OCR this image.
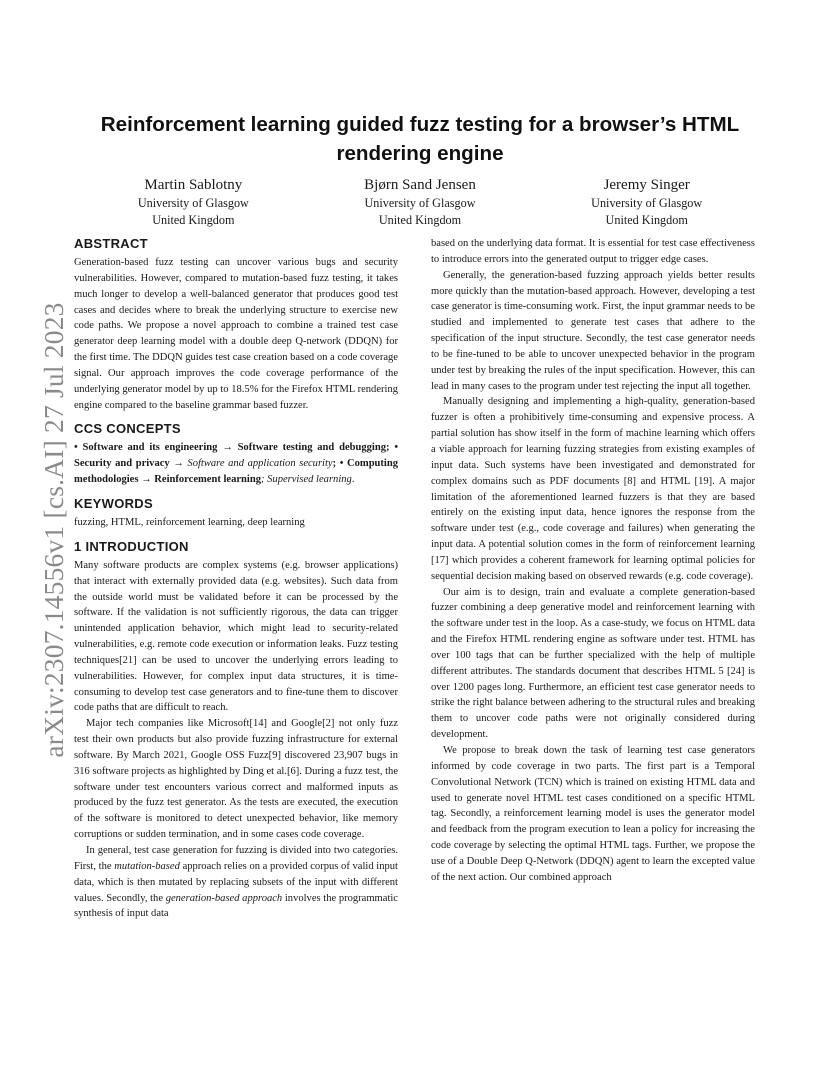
arXiv:2307.14556v1 [cs.AI] 27 Jul 2023
Reinforcement learning guided fuzz testing for a browser’s HTML rendering engine
Martin Sablotny
University of Glasgow
United Kingdom
Bjørn Sand Jensen
University of Glasgow
United Kingdom
Jeremy Singer
University of Glasgow
United Kingdom
ABSTRACT

Generation-based fuzz testing can uncover various bugs and security vulnerabilities. However, compared to mutation-based fuzz testing, it takes much longer to develop a well-balanced generator that produces good test cases and decides where to break the underlying structure to exercise new code paths. We propose a novel approach to combine a trained test case generator deep learning model with a double deep Q-network (DDQN) for the first time. The DDQN guides test case creation based on a code coverage signal. Our approach improves the code coverage performance of the underlying generator model by up to 18.5% for the Firefox HTML rendering engine compared to the baseline grammar based fuzzer.

CCS CONCEPTS

• Software and its engineering → Software testing and debugging; • Security and privacy → Software and application security; • Computing methodologies → Reinforcement learning; Supervised learning.

KEYWORDS

fuzzing, HTML, reinforcement learning, deep learning

1 INTRODUCTION

Many software products are complex systems (e.g. browser applications) that interact with externally provided data (e.g. websites). Such data from the outside world must be validated before it can be processed by the software. If the validation is not sufficiently rigorous, the data can trigger unintended application behavior, which might lead to security-related vulnerabilities, e.g. remote code execution or information leaks. Fuzz testing techniques[21] can be used to uncover the underlying errors leading to vulnerabilities. However, for complex input data structures, it is time-consuming to develop test case generators and to fine-tune them to discover code paths that are difficult to reach.

Major tech companies like Microsoft[14] and Google[2] not only fuzz test their own products but also provide fuzzing infrastructure for external software. By March 2021, Google OSS Fuzz[9] discovered 23,907 bugs in 316 software projects as highlighted by Ding et al.[6]. During a fuzz test, the software under test encounters various correct and malformed inputs as produced by the fuzz test generator. As the tests are executed, the execution of the software is monitored to detect unexpected behavior, like memory corruptions or sudden termination, and in some cases code coverage.

In general, test case generation for fuzzing is divided into two categories. First, the mutation-based approach relies on a provided corpus of valid input data, which is then mutated by replacing subsets of the input with different values. Secondly, the generation-based approach involves the programmatic synthesis of input data

based on the underlying data format. It is essential for test case effectiveness to introduce errors into the generated output to trigger edge cases.

Generally, the generation-based fuzzing approach yields better results more quickly than the mutation-based approach. However, developing a test case generator is time-consuming work. First, the input grammar needs to be studied and implemented to generate test cases that adhere to the specification of the input structure. Secondly, the test case generator needs to be fine-tuned to be able to uncover unexpected behavior in the program under test by breaking the rules of the input specification. However, this can lead in many cases to the program under test rejecting the input all together.

Manually designing and implementing a high-quality, generation-based fuzzer is often a prohibitively time-consuming and expensive process. A partial solution has show itself in the form of machine learning which offers a viable approach for learning fuzzing strategies from existing examples of input data. Such systems have been investigated and demonstrated for complex domains such as PDF documents [8] and HTML [19]. A major limitation of the aforementioned learned fuzzers is that they are based entirely on the existing input data, hence ignores the response from the software under test (e.g., code coverage and failures) when generating the input data. A potential solution comes in the form of reinforcement learning [17] which provides a coherent framework for learning optimal policies for sequential decision making based on observed rewards (e.g. code coverage).

Our aim is to design, train and evaluate a complete generation-based fuzzer combining a deep generative model and reinforcement learning with the software under test in the loop. As a case-study, we focus on HTML data and the Firefox HTML rendering engine as software under test. HTML has over 100 tags that can be further specialized with the help of multiple different attributes. The standards document that describes HTML 5 [24] is over 1200 pages long. Furthermore, an efficient test case generator needs to strike the right balance between adhering to the structural rules and breaking them to uncover code paths were not originally considered during development.

We propose to break down the task of learning test case generators informed by code coverage in two parts. The first part is a Temporal Convolutional Network (TCN) which is trained on existing HTML data and used to generate novel HTML test cases conditioned on a specific HTML tag. Secondly, a reinforcement learning model is uses the generator model and feedback from the program execution to lean a policy for increasing the code coverage by selecting the optimal HTML tags. Further, we propose the use of a Double Deep Q-Network (DDQN) agent to learn the excepted value of the next action. Our combined approach
